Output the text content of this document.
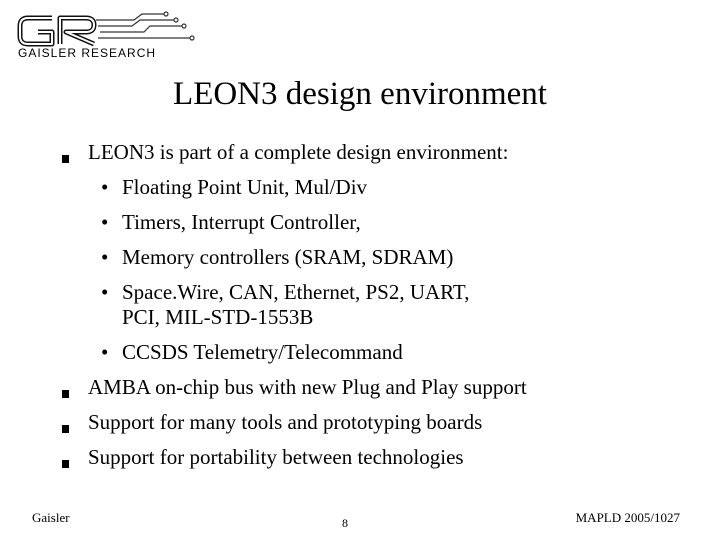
GAISLER RESEARCH
LEON3 design environment
LEON3 is part of a complete design environment:
• Floating Point Unit, Mul/Div
• Timers, Interrupt Controller,
• Memory controllers (SRAM, SDRAM)
• Space.Wire, CAN, Ethernet, PS2, UART,
PCI, MIL-STD-1553B
• CCSDS Telemetry/Telecommand
AMBA on-chip bus with new Plug and Play support
Support for many tools and prototyping boards
Support for portability between technologies
Gaisler	8	MAPLD 2005/1027
